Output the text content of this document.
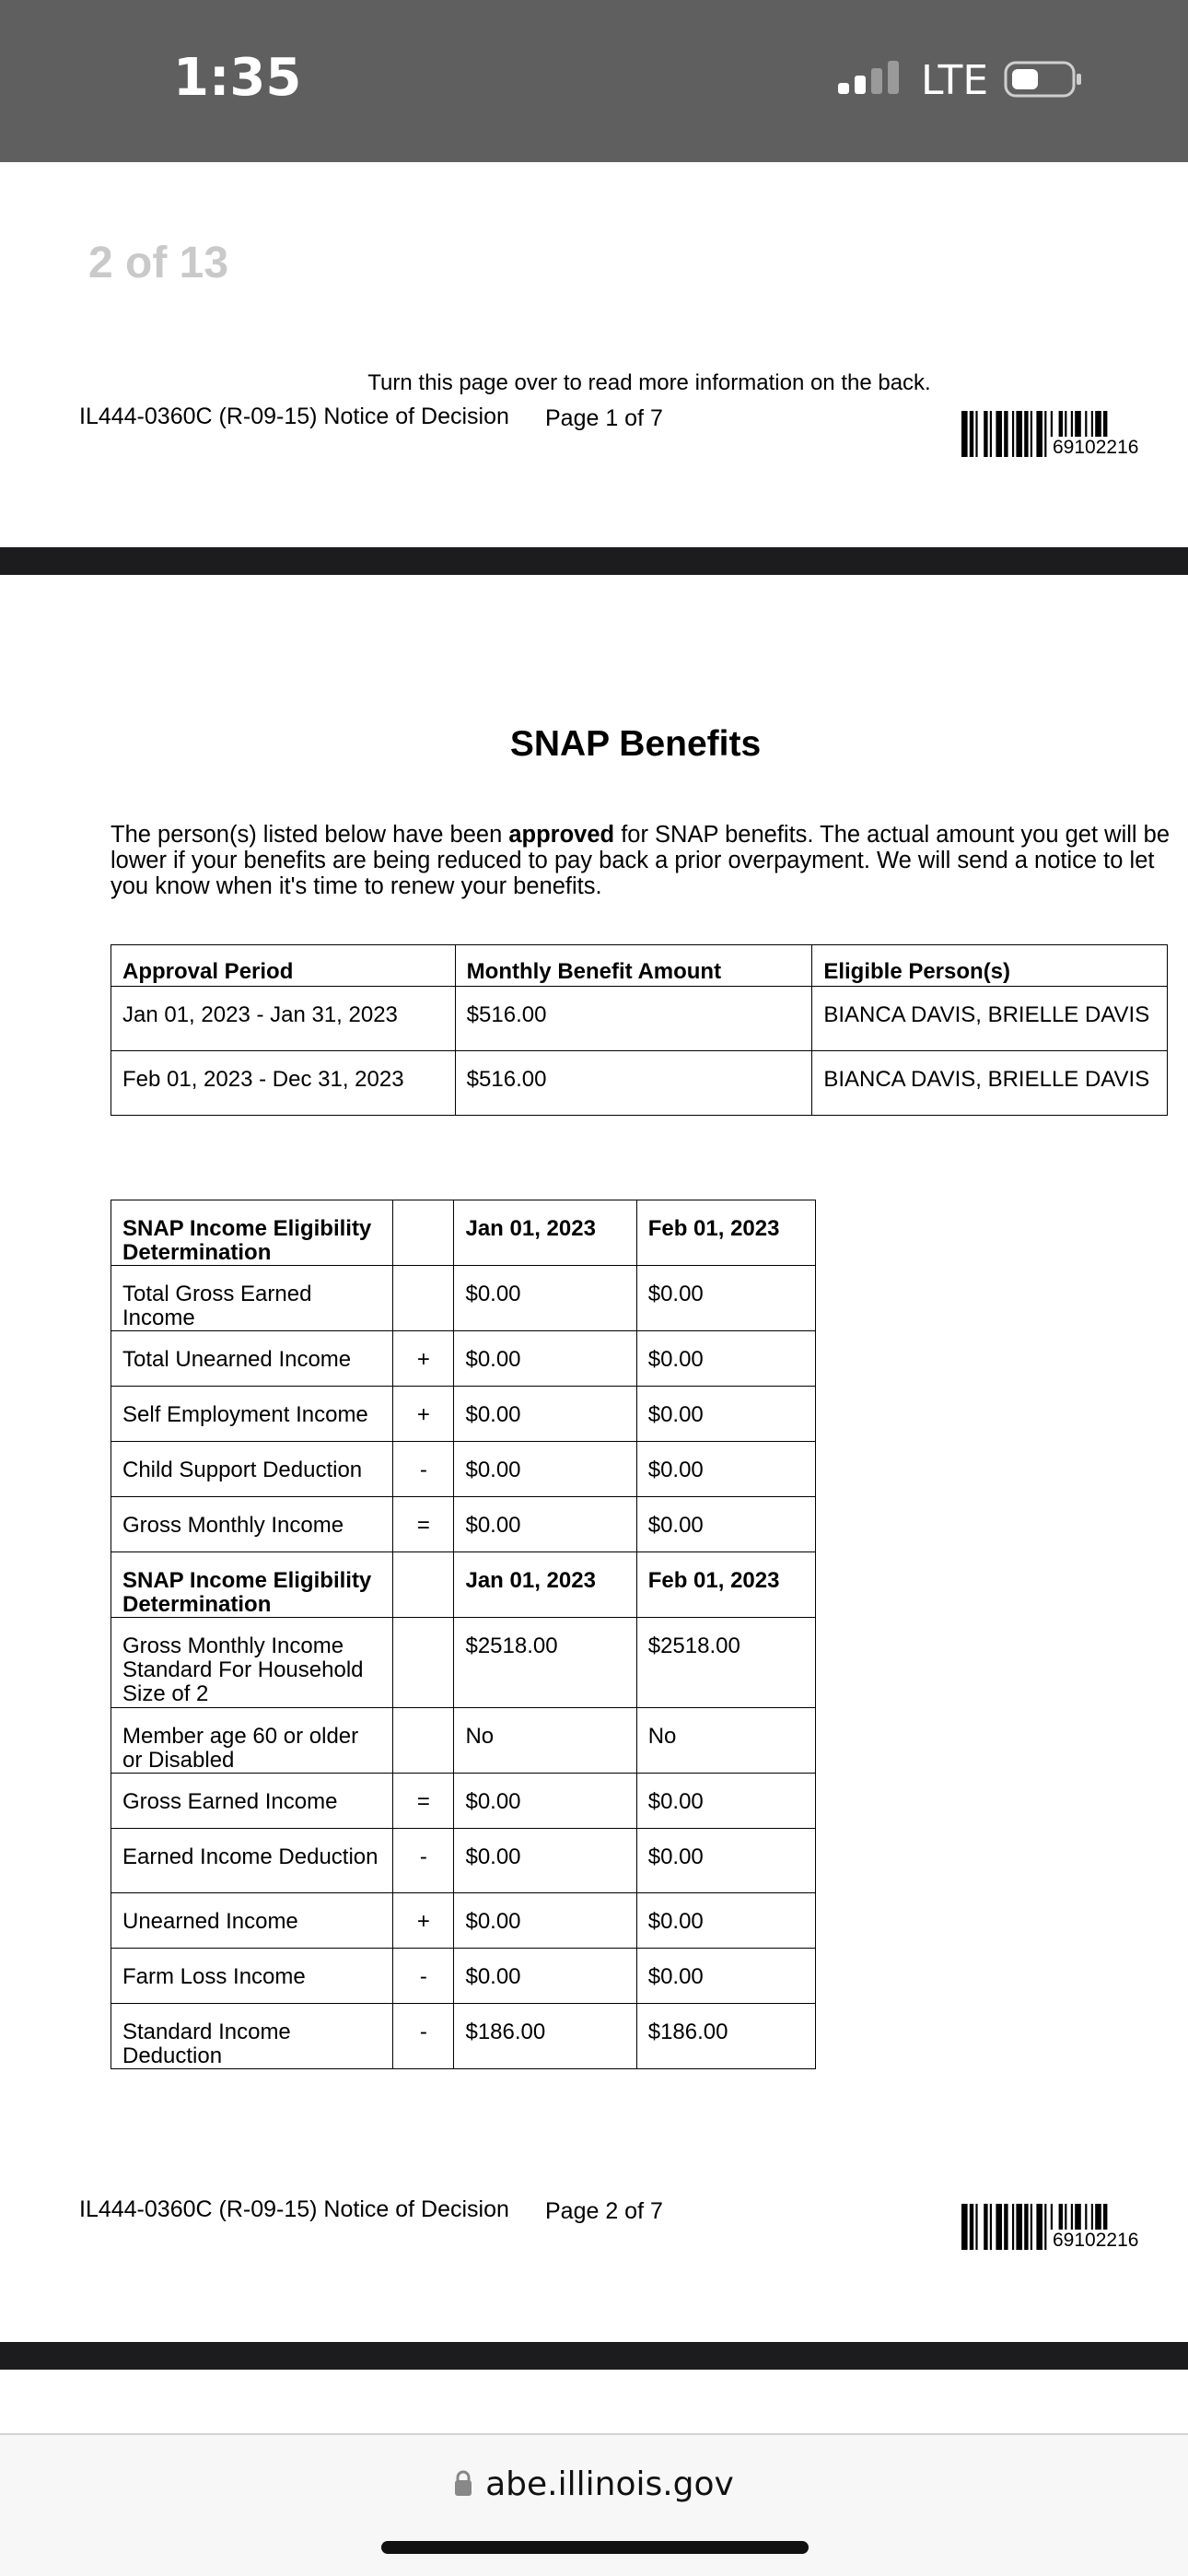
1:35	LTE
2 of 13
Turn this page over to read more information on the back.
IL444-0360C (R-09-15) Notice of Decision Page 1 of 7
69102216
SNAP Benefits
The person(s) listed below have been approved for SNAP benefits. The actual amount you get will be lower if your benefits are being reduced to pay back a prior overpayment. We will send a notice to let you know when it's time to renew your benefits.
Approval Period	Monthly Benefit Amount	Eligible Person(s)
Jan 01, 2023 - Jan 31, 2023	$516.00	BIANCA DAVIS, BRIELLE DAVIS
Feb 01, 2023 - Dec 31, 2023	$516.00	BIANCA DAVIS, BRIELLE DAVIS
SNAP Income Eligibility Determination		Jan 01, 2023	Feb 01, 2023
Total Gross Earned Income		$0.00	$0.00
Total Unearned Income	+	$0.00	$0.00
Self Employment Income	+	$0.00	$0.00
Child Support Deduction	-	$0.00	$0.00
Gross Monthly Income	=	$0.00	$0.00
SNAP Income Eligibility Determination		Jan 01, 2023	Feb 01, 2023
Gross Monthly Income Standard For Household Size of 2		$2518.00	$2518.00
Member age 60 or older or Disabled		No	No
Gross Earned Income	=	$0.00	$0.00
Earned Income Deduction	-	$0.00	$0.00
Unearned Income	+	$0.00	$0.00
Farm Loss Income	-	$0.00	$0.00
Standard Income Deduction	-	$186.00	$186.00
IL444-0360C (R-09-15) Notice of Decision Page 2 of 7
69102216
abe.illinois.gov
